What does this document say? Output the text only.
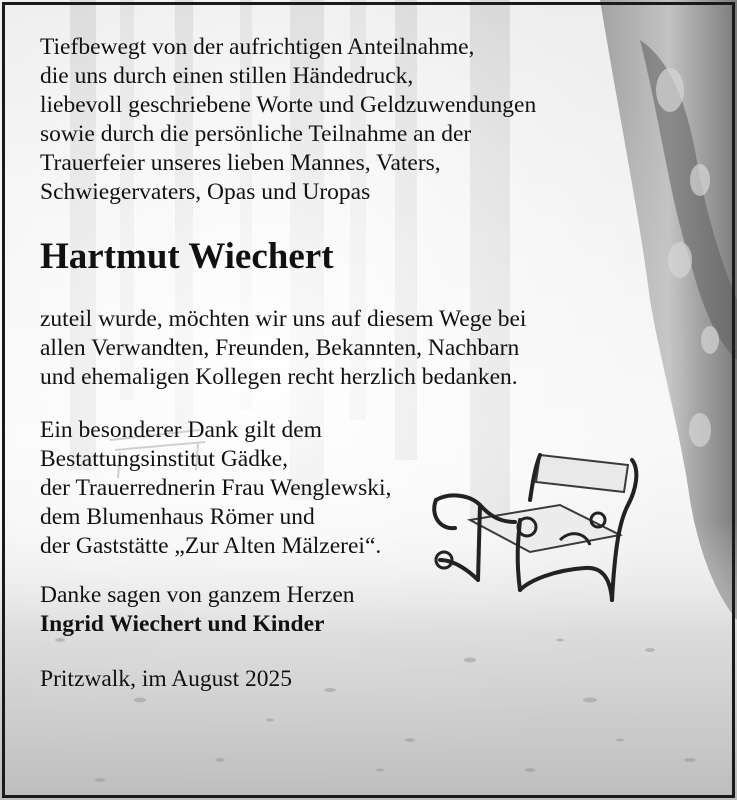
Tiefbewegt von der aufrichtigen Anteilnahme,
die uns durch einen stillen Händedruck,
liebevoll geschriebene Worte und Geldzuwendungen
sowie durch die persönliche Teilnahme an der
Trauerfeier unseres lieben Mannes, Vaters,
Schwiegervaters, Opas und Uropas

Hartmut Wiechert

zuteil wurde, möchten wir uns auf diesem Wege bei
allen Verwandten, Freunden, Bekannten, Nachbarn
und ehemaligen Kollegen recht herzlich bedanken.

Ein besonderer Dank gilt dem
Bestattungsinstitut Gädke,
der Trauerrednerin Frau Wenglewski,
dem Blumenhaus Römer und
der Gaststätte „Zur Alten Mälzerei“.

Danke sagen von ganzem Herzen
Ingrid Wiechert und Kinder

Pritzwalk, im August 2025
